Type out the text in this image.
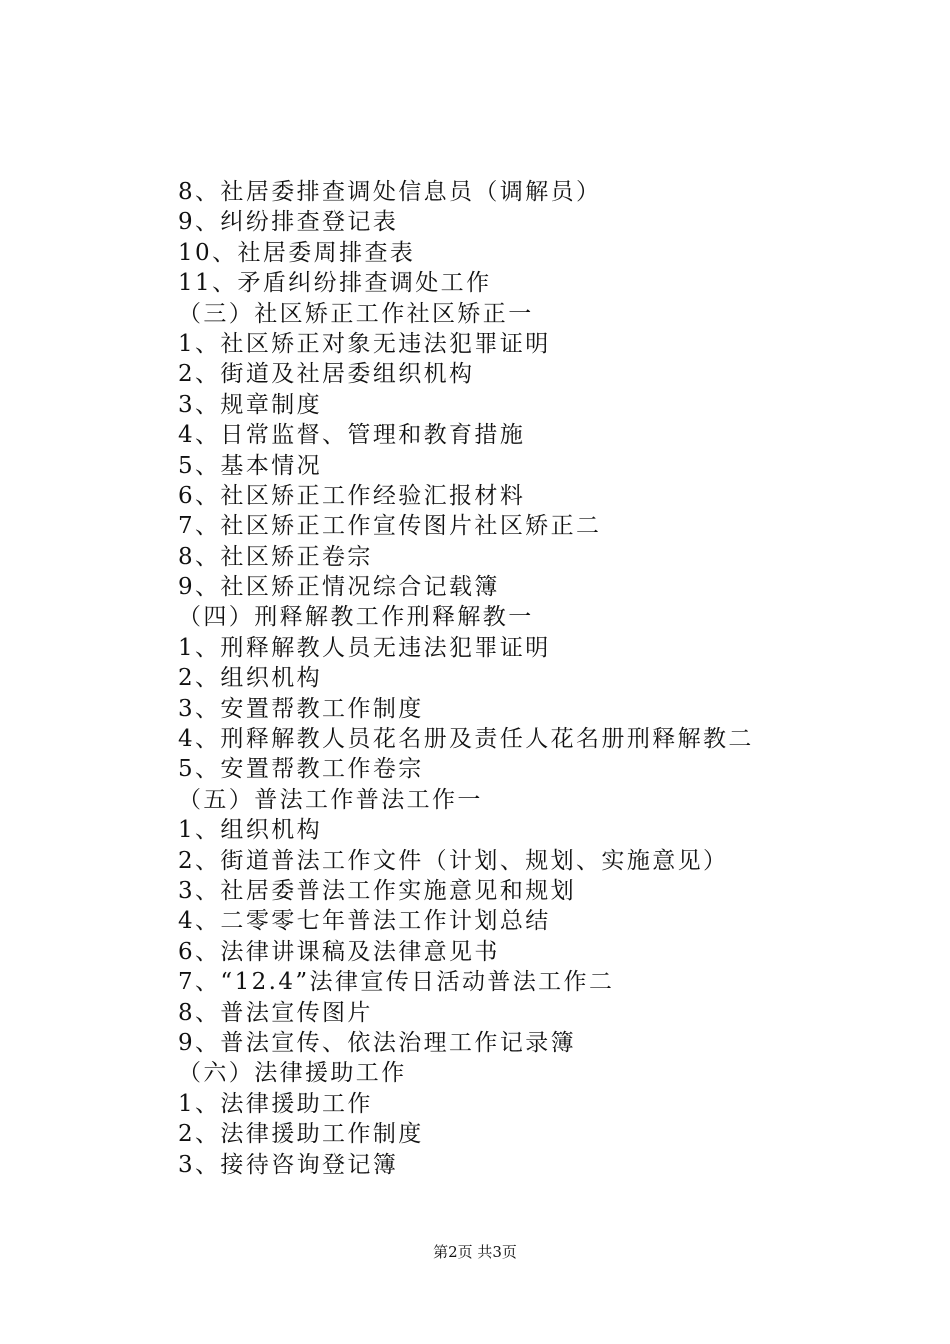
8、社居委排查调处信息员（调解员）
9、纠纷排查登记表
10、社居委周排查表
11、矛盾纠纷排查调处工作
（三）社区矫正工作社区矫正一
1、社区矫正对象无违法犯罪证明
2、街道及社居委组织机构
3、规章制度
4、日常监督、管理和教育措施
5、基本情况
6、社区矫正工作经验汇报材料
7、社区矫正工作宣传图片社区矫正二
8、社区矫正卷宗
9、社区矫正情况综合记载簿
（四）刑释解教工作刑释解教一
1、刑释解教人员无违法犯罪证明
2、组织机构
3、安置帮教工作制度
4、刑释解教人员花名册及责任人花名册刑释解教二
5、安置帮教工作卷宗
（五）普法工作普法工作一
1、组织机构
2、街道普法工作文件（计划、规划、实施意见）
3、社居委普法工作实施意见和规划
4、二零零七年普法工作计划总结
6、法律讲课稿及法律意见书
7、“12.4”法律宣传日活动普法工作二
8、普法宣传图片
9、普法宣传、依法治理工作记录簿
（六）法律援助工作
1、法律援助工作
2、法律援助工作制度
3、接待咨询登记簿
第2页 共3页
